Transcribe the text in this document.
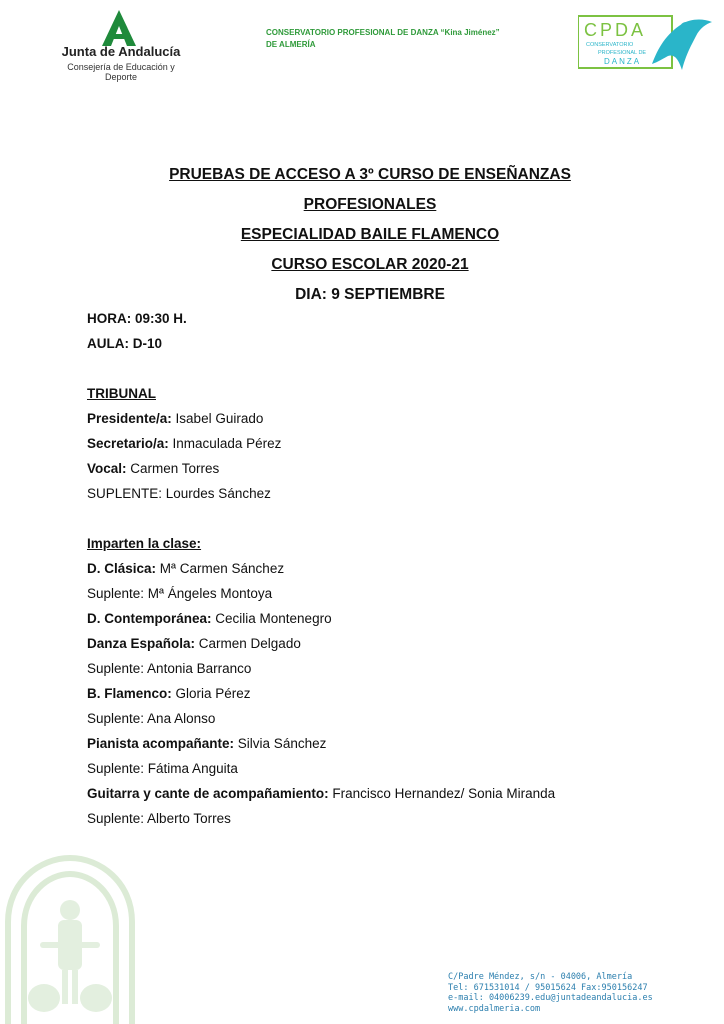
Junta de Andalucía
Consejería de Educación y Deporte
CONSERVATORIO PROFESIONAL DE DANZA “Kina Jiménez”
DE ALMERÍA
CPDA
CONSERVATORIO
PROFESIONAL DE
DANZA
PRUEBAS DE ACCESO A 3º CURSO DE ENSEÑANZAS
PROFESIONALES
ESPECIALIDAD BAILE FLAMENCO
CURSO ESCOLAR 2020-21
DIA: 9 SEPTIEMBRE
HORA: 09:30 H.
AULA: D-10
TRIBUNAL
Presidente/a: Isabel Guirado
Secretario/a: Inmaculada Pérez
Vocal: Carmen Torres
SUPLENTE: Lourdes Sánchez
Imparten la clase:
D. Clásica: Mª Carmen Sánchez
Suplente: Mª Ángeles Montoya
D. Contemporánea: Cecilia Montenegro
Danza Española: Carmen Delgado
Suplente: Antonia Barranco
B. Flamenco: Gloria Pérez
Suplente: Ana Alonso
Pianista acompañante: Silvia Sánchez
Suplente: Fátima Anguita
Guitarra y cante de acompañamiento: Francisco Hernandez/ Sonia Miranda
Suplente: Alberto Torres
C/Padre Méndez, s/n - 04006, Almería
Tel: 671531014 / 95015624 Fax:950156247
e-mail: 04006239.edu@juntadeandalucia.es
www.cpdalmeria.com
